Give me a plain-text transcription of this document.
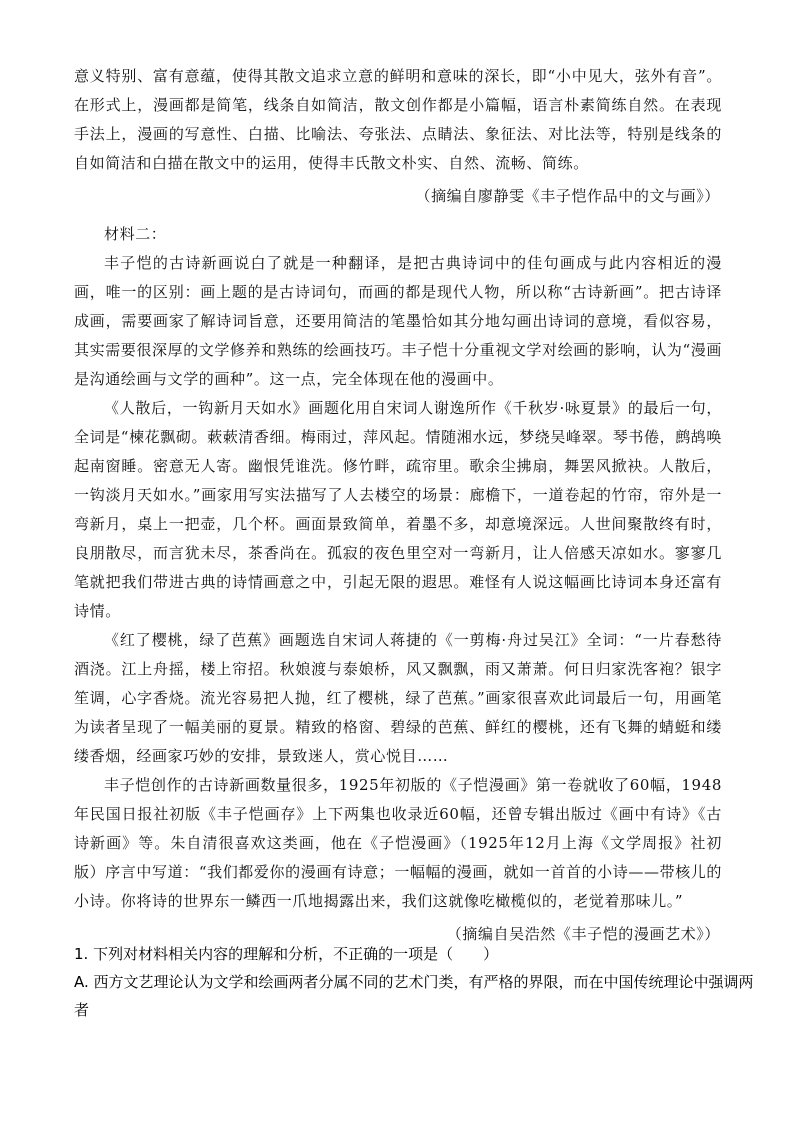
意义特别、富有意蕴，使得其散文追求立意的鲜明和意味的深长，即“小中见大，弦外有音”。在形式上，漫画都是简笔，线条自如简洁，散文创作都是小篇幅，语言朴素简练自然。在表现手法上，漫画的写意性、白描、比喻法、夸张法、点睛法、象征法、对比法等，特别是线条的自如简洁和白描在散文中的运用，使得丰氏散文朴实、自然、流畅、简练。

（摘编自廖静雯《丰子恺作品中的文与画》）

材料二：

丰子恺的古诗新画说白了就是一种翻译，是把古典诗词中的佳句画成与此内容相近的漫画，唯一的区别：画上题的是古诗词句，而画的都是现代人物，所以称“古诗新画”。把古诗译成画，需要画家了解诗词旨意，还要用简洁的笔墨恰如其分地勾画出诗词的意境，看似容易，其实需要很深厚的文学修养和熟练的绘画技巧。丰子恺十分重视文学对绘画的影响，认为“漫画是沟通绘画与文学的画种”。这一点，完全体现在他的漫画中。

《人散后，一钩新月天如水》画题化用自宋词人谢逸所作《千秋岁·咏夏景》的最后一句，全词是“楝花飘砌。蔌蔌清香细。梅雨过，萍风起。情随湘水远，梦绕吴峰翠。琴书倦，鹧鸪唤起南窗睡。密意无人寄。幽恨凭谁洗。修竹畔，疏帘里。歌余尘拂扇，舞罢风掀袂。人散后，一钩淡月天如水。”画家用写实法描写了人去楼空的场景：廊檐下，一道卷起的竹帘，帘外是一弯新月，桌上一把壶，几个杯。画面景致简单，着墨不多，却意境深远。人世间聚散终有时，良朋散尽，而言犹未尽，茶香尚在。孤寂的夜色里空对一弯新月，让人倍感天凉如水。寥寥几笔就把我们带进古典的诗情画意之中，引起无限的遐思。难怪有人说这幅画比诗词本身还富有诗情。

《红了樱桃，绿了芭蕉》画题选自宋词人蒋捷的《一剪梅·舟过吴江》全词：“一片春愁待酒浇。江上舟摇，楼上帘招。秋娘渡与泰娘桥，风又飘飘，雨又萧萧。何日归家洗客袍？银字笙调，心字香烧。流光容易把人抛，红了樱桃，绿了芭蕉。”画家很喜欢此词最后一句，用画笔为读者呈现了一幅美丽的夏景。精致的格窗、碧绿的芭蕉、鲜红的樱桃，还有飞舞的蜻蜓和缕缕香烟，经画家巧妙的安排，景致迷人，赏心悦目……

丰子恺创作的古诗新画数量很多，1925年初版的《子恺漫画》第一卷就收了60幅，1948年民国日报社初版《丰子恺画存》上下两集也收录近60幅，还曾专辑出版过《画中有诗》《古诗新画》等。朱自清很喜欢这类画，他在《子恺漫画》（1925年12月上海《文学周报》社初版）序言中写道：“我们都爱你的漫画有诗意；一幅幅的漫画，就如一首首的小诗——带核儿的小诗。你将诗的世界东一鳞西一爪地揭露出来，我们这就像吃橄榄似的，老觉着那味儿。”

（摘编自吴浩然《丰子恺的漫画艺术》）

1. 下列对材料相关内容的理解和分析，不正确的一项是（　　）
A. 西方文艺理论认为文学和绘画两者分属不同的艺术门类，有严格的界限，而在中国传统理论中强调两者
